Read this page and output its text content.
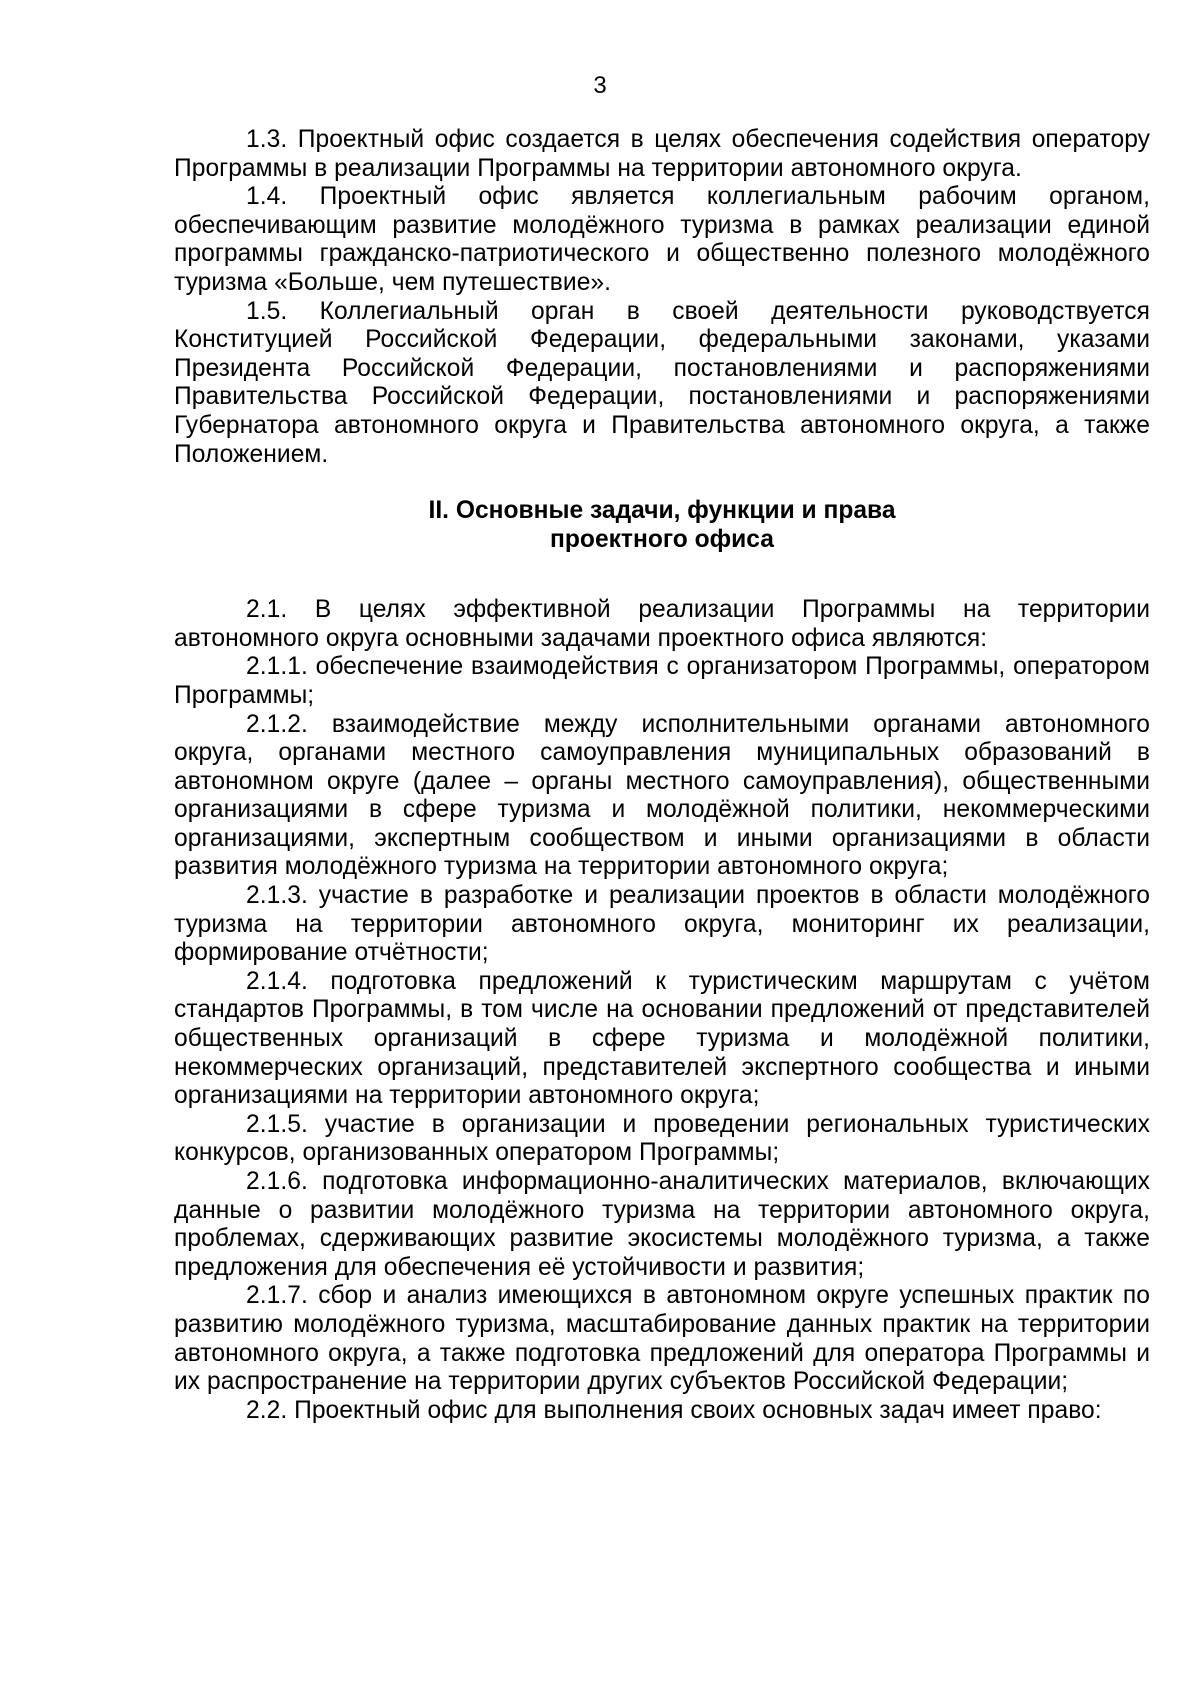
3

1.3. Проектный офис создается в целях обеспечения содействия оператору Программы в реализации Программы на территории автономного округа.

1.4. Проектный офис является коллегиальным рабочим органом, обеспечивающим развитие молодёжного туризма в рамках реализации единой программы гражданско-патриотического и общественно полезного молодёжного туризма «Больше, чем путешествие».

1.5. Коллегиальный орган в своей деятельности руководствуется Конституцией Российской Федерации, федеральными законами, указами Президента Российской Федерации, постановлениями и распоряжениями Правительства Российской Федерации, постановлениями и распоряжениями Губернатора автономного округа и Правительства автономного округа, а также Положением.

II. Основные задачи, функции и права
проектного офиса

2.1. В целях эффективной реализации Программы на территории автономного округа основными задачами проектного офиса являются:

2.1.1. обеспечение взаимодействия с организатором Программы, оператором Программы;

2.1.2. взаимодействие между исполнительными органами автономного округа, органами местного самоуправления муниципальных образований в автономном округе (далее – органы местного самоуправления), общественными организациями в сфере туризма и молодёжной политики, некоммерческими организациями, экспертным сообществом и иными организациями в области развития молодёжного туризма на территории автономного округа;

2.1.3. участие в разработке и реализации проектов в области молодёжного туризма на территории автономного округа, мониторинг их реализации, формирование отчётности;

2.1.4. подготовка предложений к туристическим маршрутам с учётом стандартов Программы, в том числе на основании предложений от представителей общественных организаций в сфере туризма и молодёжной политики, некоммерческих организаций, представителей экспертного сообщества и иными организациями на территории автономного округа;

2.1.5. участие в организации и проведении региональных туристических конкурсов, организованных оператором Программы;

2.1.6. подготовка информационно-аналитических материалов, включающих данные о развитии молодёжного туризма на территории автономного округа, проблемах, сдерживающих развитие экосистемы молодёжного туризма, а также предложения для обеспечения её устойчивости и развития;

2.1.7. сбор и анализ имеющихся в автономном округе успешных практик по развитию молодёжного туризма, масштабирование данных практик на территории автономного округа, а также подготовка предложений для оператора Программы и их распространение на территории других субъектов Российской Федерации;

2.2. Проектный офис для выполнения своих основных задач имеет право:
